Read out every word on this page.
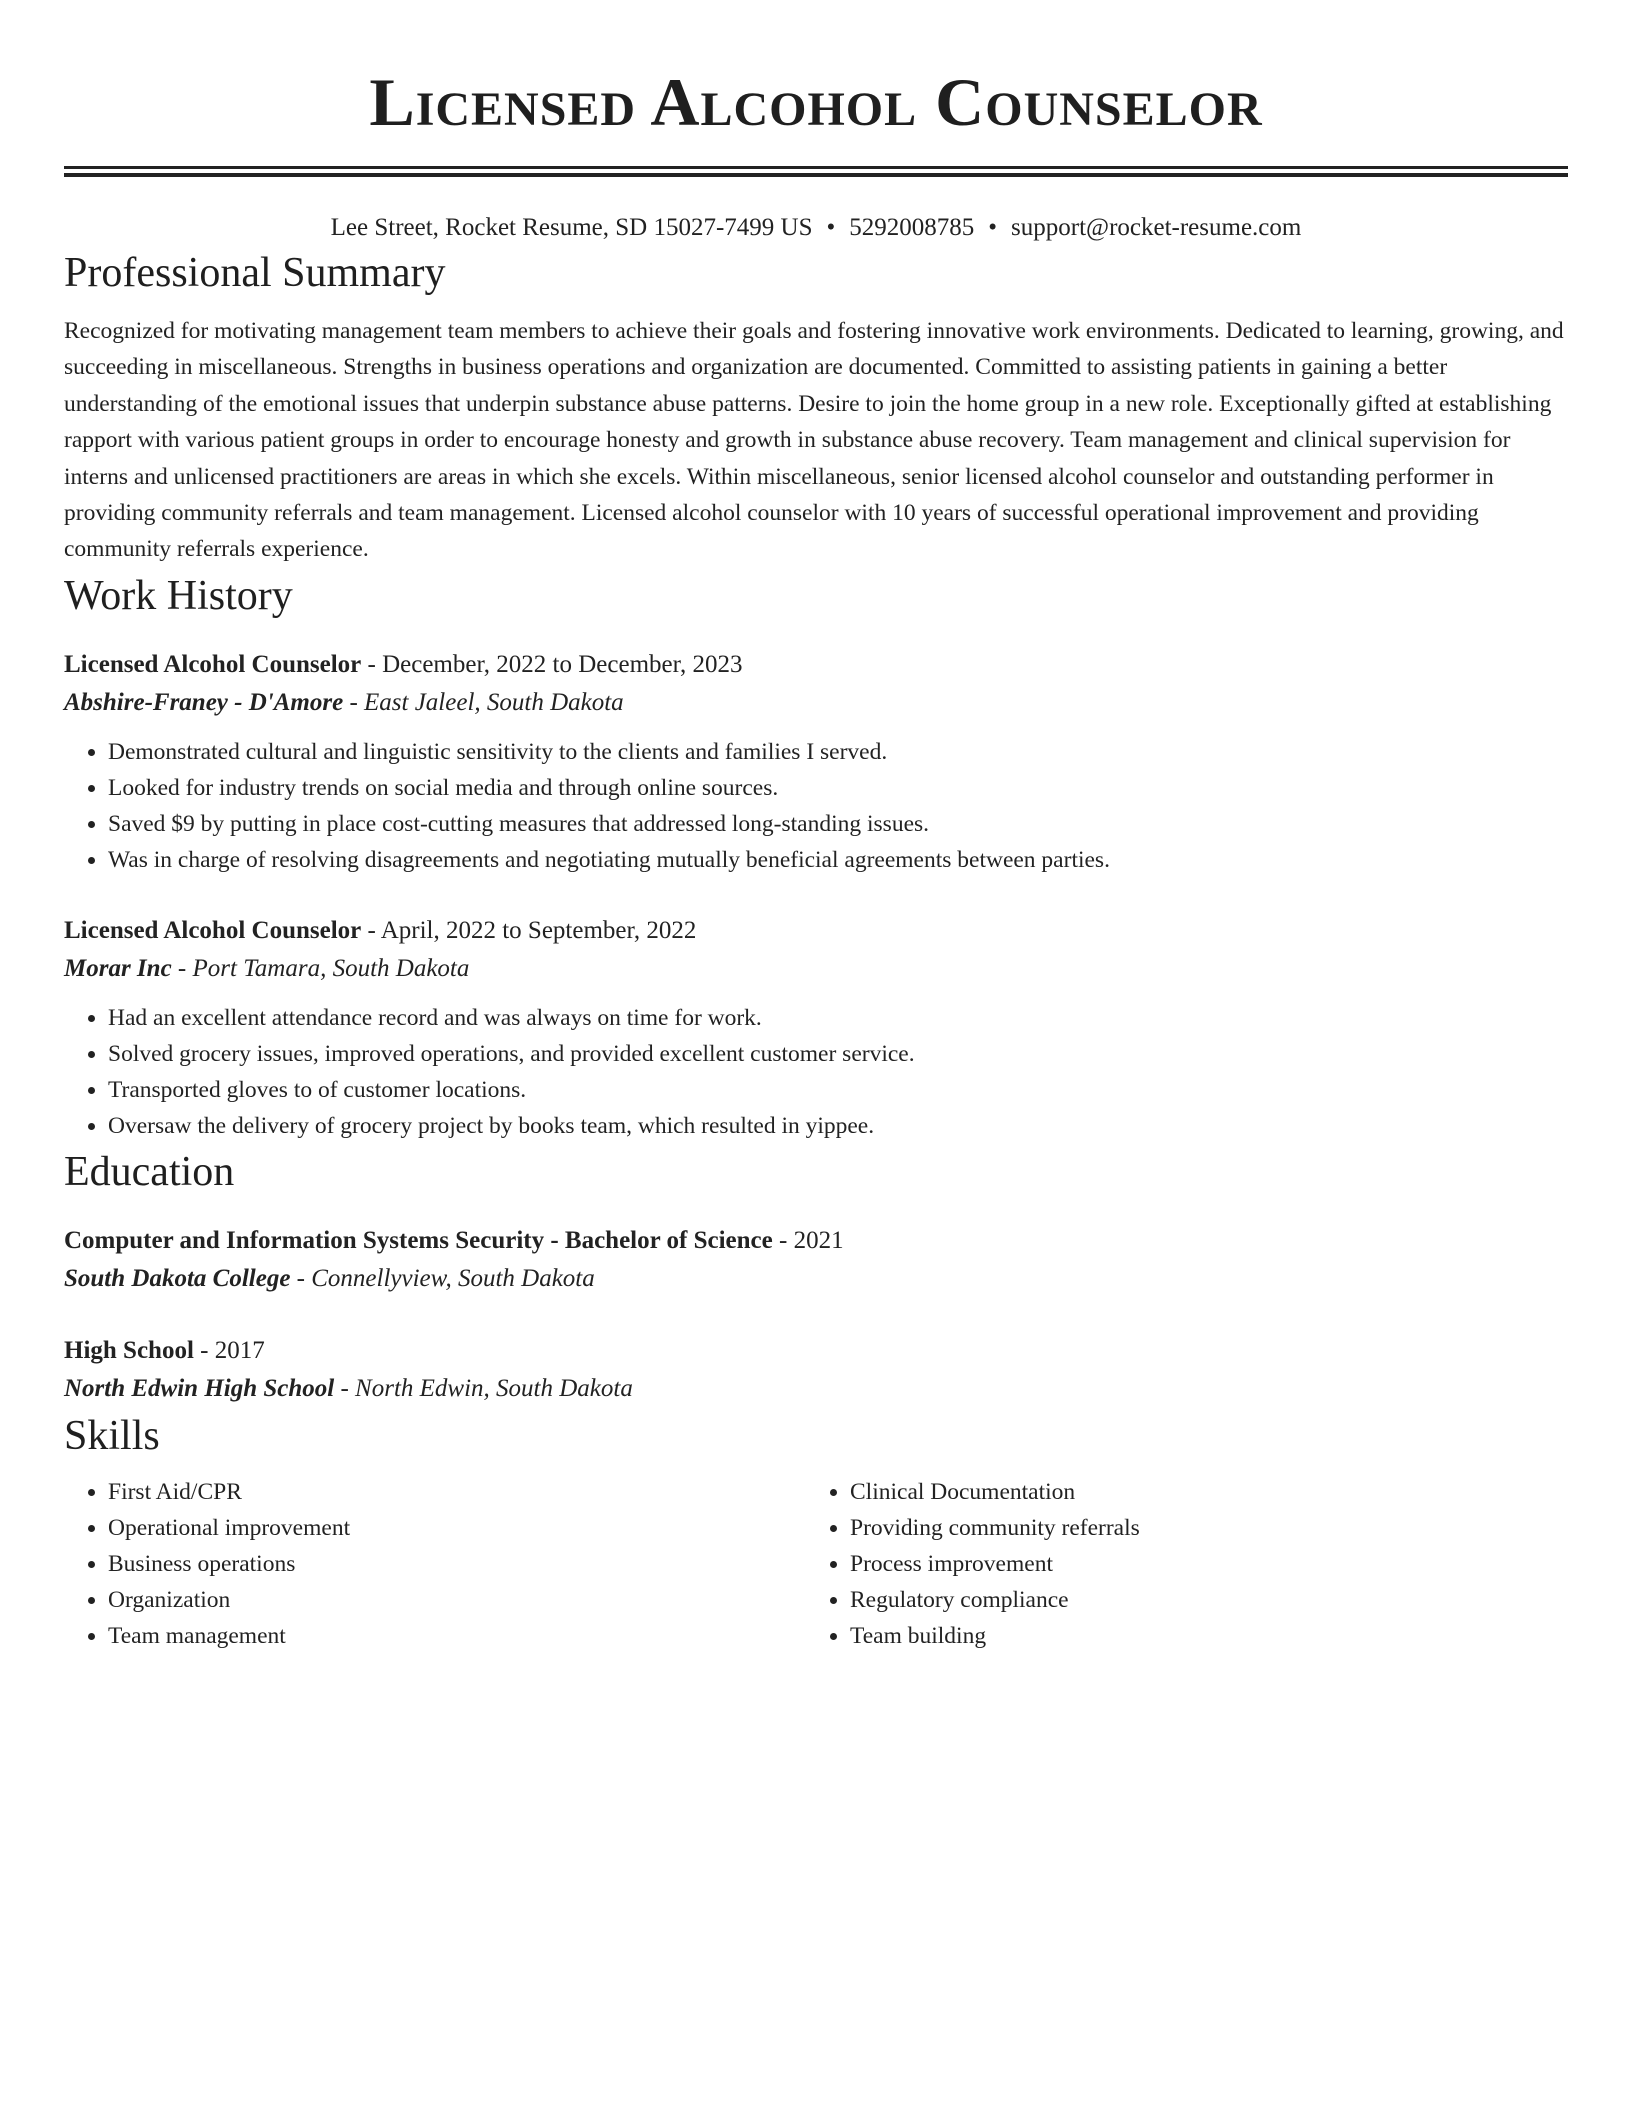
Licensed Alcohol Counselor
Lee Street, Rocket Resume, SD 15027-7499 US • 5292008785 • support@rocket-resume.com
Professional Summary
Recognized for motivating management team members to achieve their goals and fostering innovative work environments. Dedicated to learning, growing, and succeeding in miscellaneous. Strengths in business operations and organization are documented. Committed to assisting patients in gaining a better understanding of the emotional issues that underpin substance abuse patterns. Desire to join the home group in a new role. Exceptionally gifted at establishing rapport with various patient groups in order to encourage honesty and growth in substance abuse recovery. Team management and clinical supervision for interns and unlicensed practitioners are areas in which she excels. Within miscellaneous, senior licensed alcohol counselor and outstanding performer in providing community referrals and team management. Licensed alcohol counselor with 10 years of successful operational improvement and providing community referrals experience.
Work History
Licensed Alcohol Counselor - December, 2022 to December, 2023
Abshire-Franey - D'Amore - East Jaleel, South Dakota
• Demonstrated cultural and linguistic sensitivity to the clients and families I served.
• Looked for industry trends on social media and through online sources.
• Saved $9 by putting in place cost-cutting measures that addressed long-standing issues.
• Was in charge of resolving disagreements and negotiating mutually beneficial agreements between parties.
Licensed Alcohol Counselor - April, 2022 to September, 2022
Morar Inc - Port Tamara, South Dakota
• Had an excellent attendance record and was always on time for work.
• Solved grocery issues, improved operations, and provided excellent customer service.
• Transported gloves to of customer locations.
• Oversaw the delivery of grocery project by books team, which resulted in yippee.
Education
Computer and Information Systems Security - Bachelor of Science - 2021
South Dakota College - Connellyview, South Dakota
High School - 2017
North Edwin High School - North Edwin, South Dakota
Skills
• First Aid/CPR
• Operational improvement
• Business operations
• Organization
• Team management
• Clinical Documentation
• Providing community referrals
• Process improvement
• Regulatory compliance
• Team building
